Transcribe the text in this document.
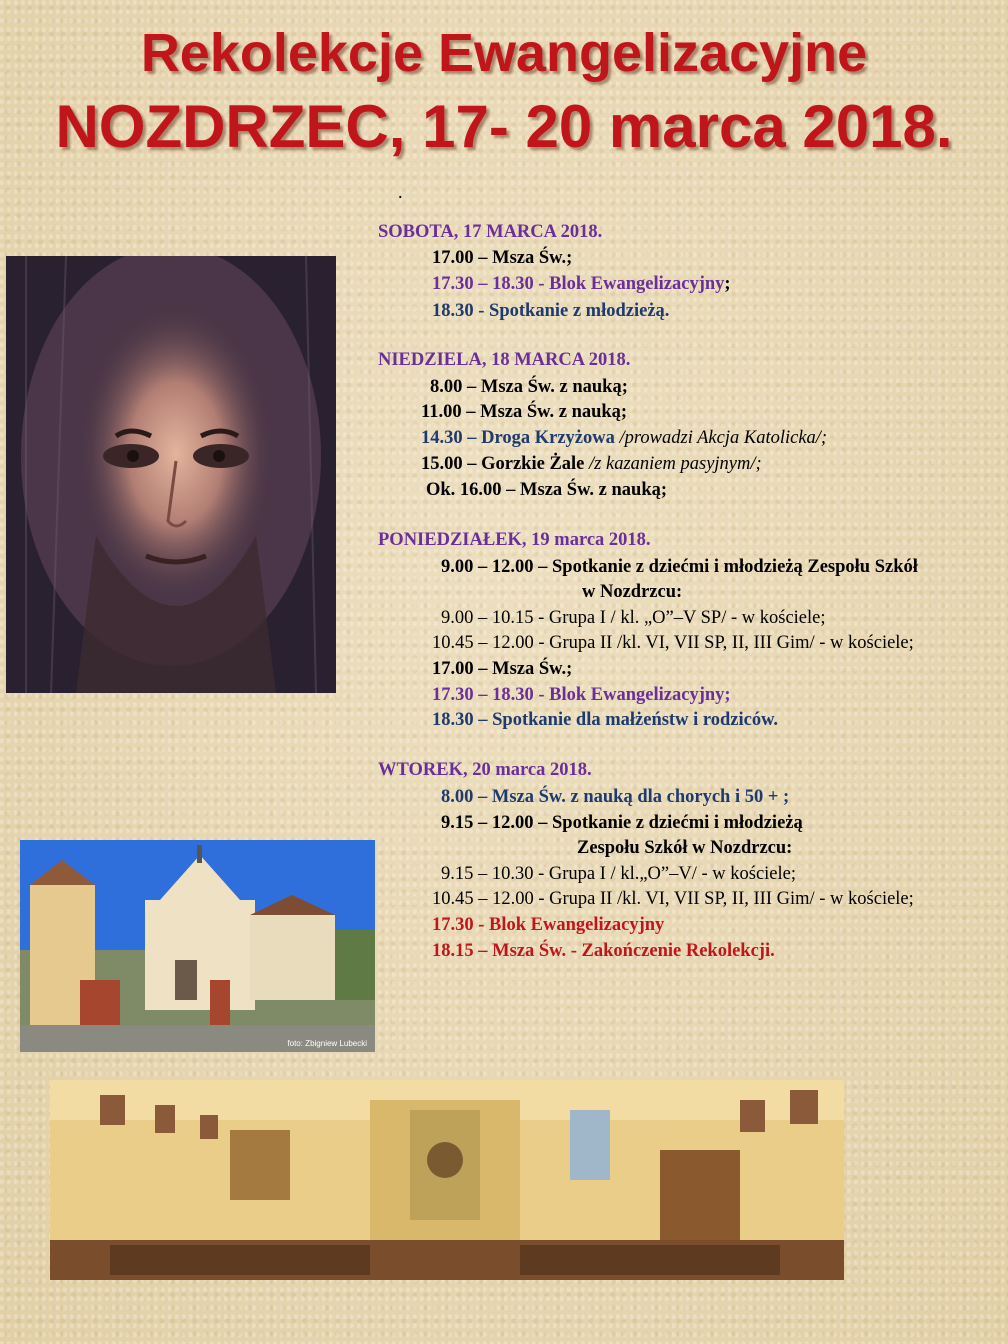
Rekolekcje Ewangelizacyjne
NOZDRZEC, 17- 20 marca 2018.
.
SOBOTA, 17 MARCA 2018.
17.00 – Msza Św.;
17.30 – 18.30 - Blok Ewangelizacyjny;
18.30 - Spotkanie z młodzieżą.
NIEDZIELA, 18 MARCA 2018.
8.00 – Msza Św. z nauką;
11.00 – Msza Św. z nauką;
14.30 – Droga Krzyżowa /prowadzi Akcja Katolicka/;
15.00 – Gorzkie Żale /z kazaniem pasyjnym/;
Ok. 16.00 – Msza Św. z nauką;
PONIEDZIAŁEK, 19 marca 2018.
9.00 – 12.00 – Spotkanie z dziećmi i młodzieżą Zespołu Szkół
w Nozdrzcu:
9.00 – 10.15 - Grupa I / kl. „O”–V SP/ - w kościele;
10.45 – 12.00 - Grupa II /kl. VI, VII SP, II, III Gim/ - w kościele;
17.00 – Msza Św.;
17.30 – 18.30 - Blok Ewangelizacyjny;
18.30 – Spotkanie dla małżeństw i rodziców.
WTOREK, 20 marca 2018.
8.00 – Msza Św. z nauką dla chorych i 50 + ;
9.15 – 12.00 – Spotkanie z dziećmi i młodzieżą
Zespołu Szkół w Nozdrzcu:
9.15 – 10.30 - Grupa I / kl.„O”–V/ - w kościele;
10.45 – 12.00 - Grupa II /kl. VI, VII SP, II, III Gim/ - w kościele;
17.30 - Blok Ewangelizacyjny
18.15 – Msza Św. - Zakończenie Rekolekcji.
foto: Zbigniew Lubecki
